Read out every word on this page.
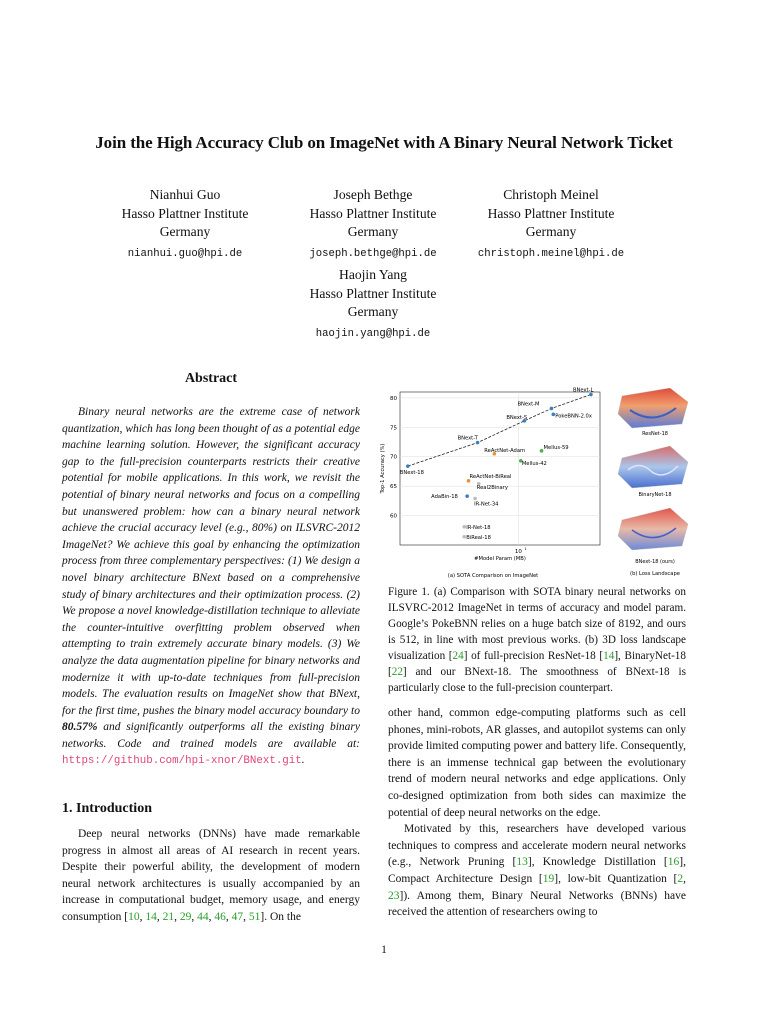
Join the High Accuracy Club on ImageNet with A Binary Neural Network Ticket
Nianhui Guo
Hasso Plattner Institute
Germany
nianhui.guo@hpi.de
Joseph Bethge
Hasso Plattner Institute
Germany
joseph.bethge@hpi.de
Christoph Meinel
Hasso Plattner Institute
Germany
christoph.meinel@hpi.de
Haojin Yang
Hasso Plattner Institute
Germany
haojin.yang@hpi.de
Abstract

Binary neural networks are the extreme case of network quantization, which has long been thought of as a potential edge machine learning solution. However, the significant accuracy gap to the full-precision counterparts restricts their creative potential for mobile applications. In this work, we revisit the potential of binary neural networks and focus on a compelling but unanswered problem: how can a binary neural network achieve the crucial accuracy level (e.g., 80%) on ILSVRC-2012 ImageNet? We achieve this goal by enhancing the optimization process from three complementary perspectives: (1) We design a novel binary architecture BNext based on a comprehensive study of binary architectures and their optimization process. (2) We propose a novel knowledge-distillation technique to alleviate the counter-intuitive overfitting problem observed when attempting to train extremely accurate binary models. (3) We analyze the data augmentation pipeline for binary networks and modernize it with up-to-date techniques from full-precision models. The evaluation results on ImageNet show that BNext, for the first time, pushes the binary model accuracy boundary to 80.57% and significantly outperforms all the existing binary networks. Code and trained models are available at: https://github.com/hpi-xnor/BNext.git.

1. Introduction

Deep neural networks (DNNs) have made remarkable progress in almost all areas of AI research in recent years. Despite their powerful ability, the development of modern neural network architectures is usually accompanied by an increase in computational budget, memory usage, and energy consumption [10, 14, 21, 29, 44, 46, 47, 51]. On the

other hand, common edge-computing platforms such as cell phones, mini-robots, AR glasses, and autopilot systems can only provide limited computing power and battery life. Consequently, there is an immense technical gap between the evolutionary trend of modern neural networks and edge applications. Only co-designed optimization from both sides can maximize the potential of deep neural networks on the edge.

Motivated by this, researchers have developed various techniques to compress and accelerate modern neural networks (e.g., Network Pruning [13], Knowledge Distillation [16], Compact Architecture Design [19], low-bit Quantization [2, 23]). Among them, Binary Neural Networks (BNNs) have received the attention of researchers owing to

60
65
70
75
80
10
1
#Model Param (MB)
Top-1 Accuracy (%)
BNext-L
BNext-M
BNext-S
BNext-T
BNext-18
PokeBNN-2.0x
ReActNet-Adam	Mellus-59
Mellus-42
ReActNet-BiReal
Real2Binary
AdaBin-18
IR-Net-34
IR-Net-18
BiReal-18
(a) SOTA Comparison on ImageNet
ResNet-18
BinaryNet-18
BNext-18 (ours)
(b) Loss Landscape

Figure 1. (a) Comparison with SOTA binary neural networks on ILSVRC-2012 ImageNet in terms of accuracy and model param. Google’s PokeBNN relies on a huge batch size of 8192, and ours is 512, in line with most previous works. (b) 3D loss landscape visualization [24] of full-precision ResNet-18 [14], BinaryNet-18 [22] and our BNext-18. The smoothness of BNext-18 is particularly close to the full-precision counterpart.

1
